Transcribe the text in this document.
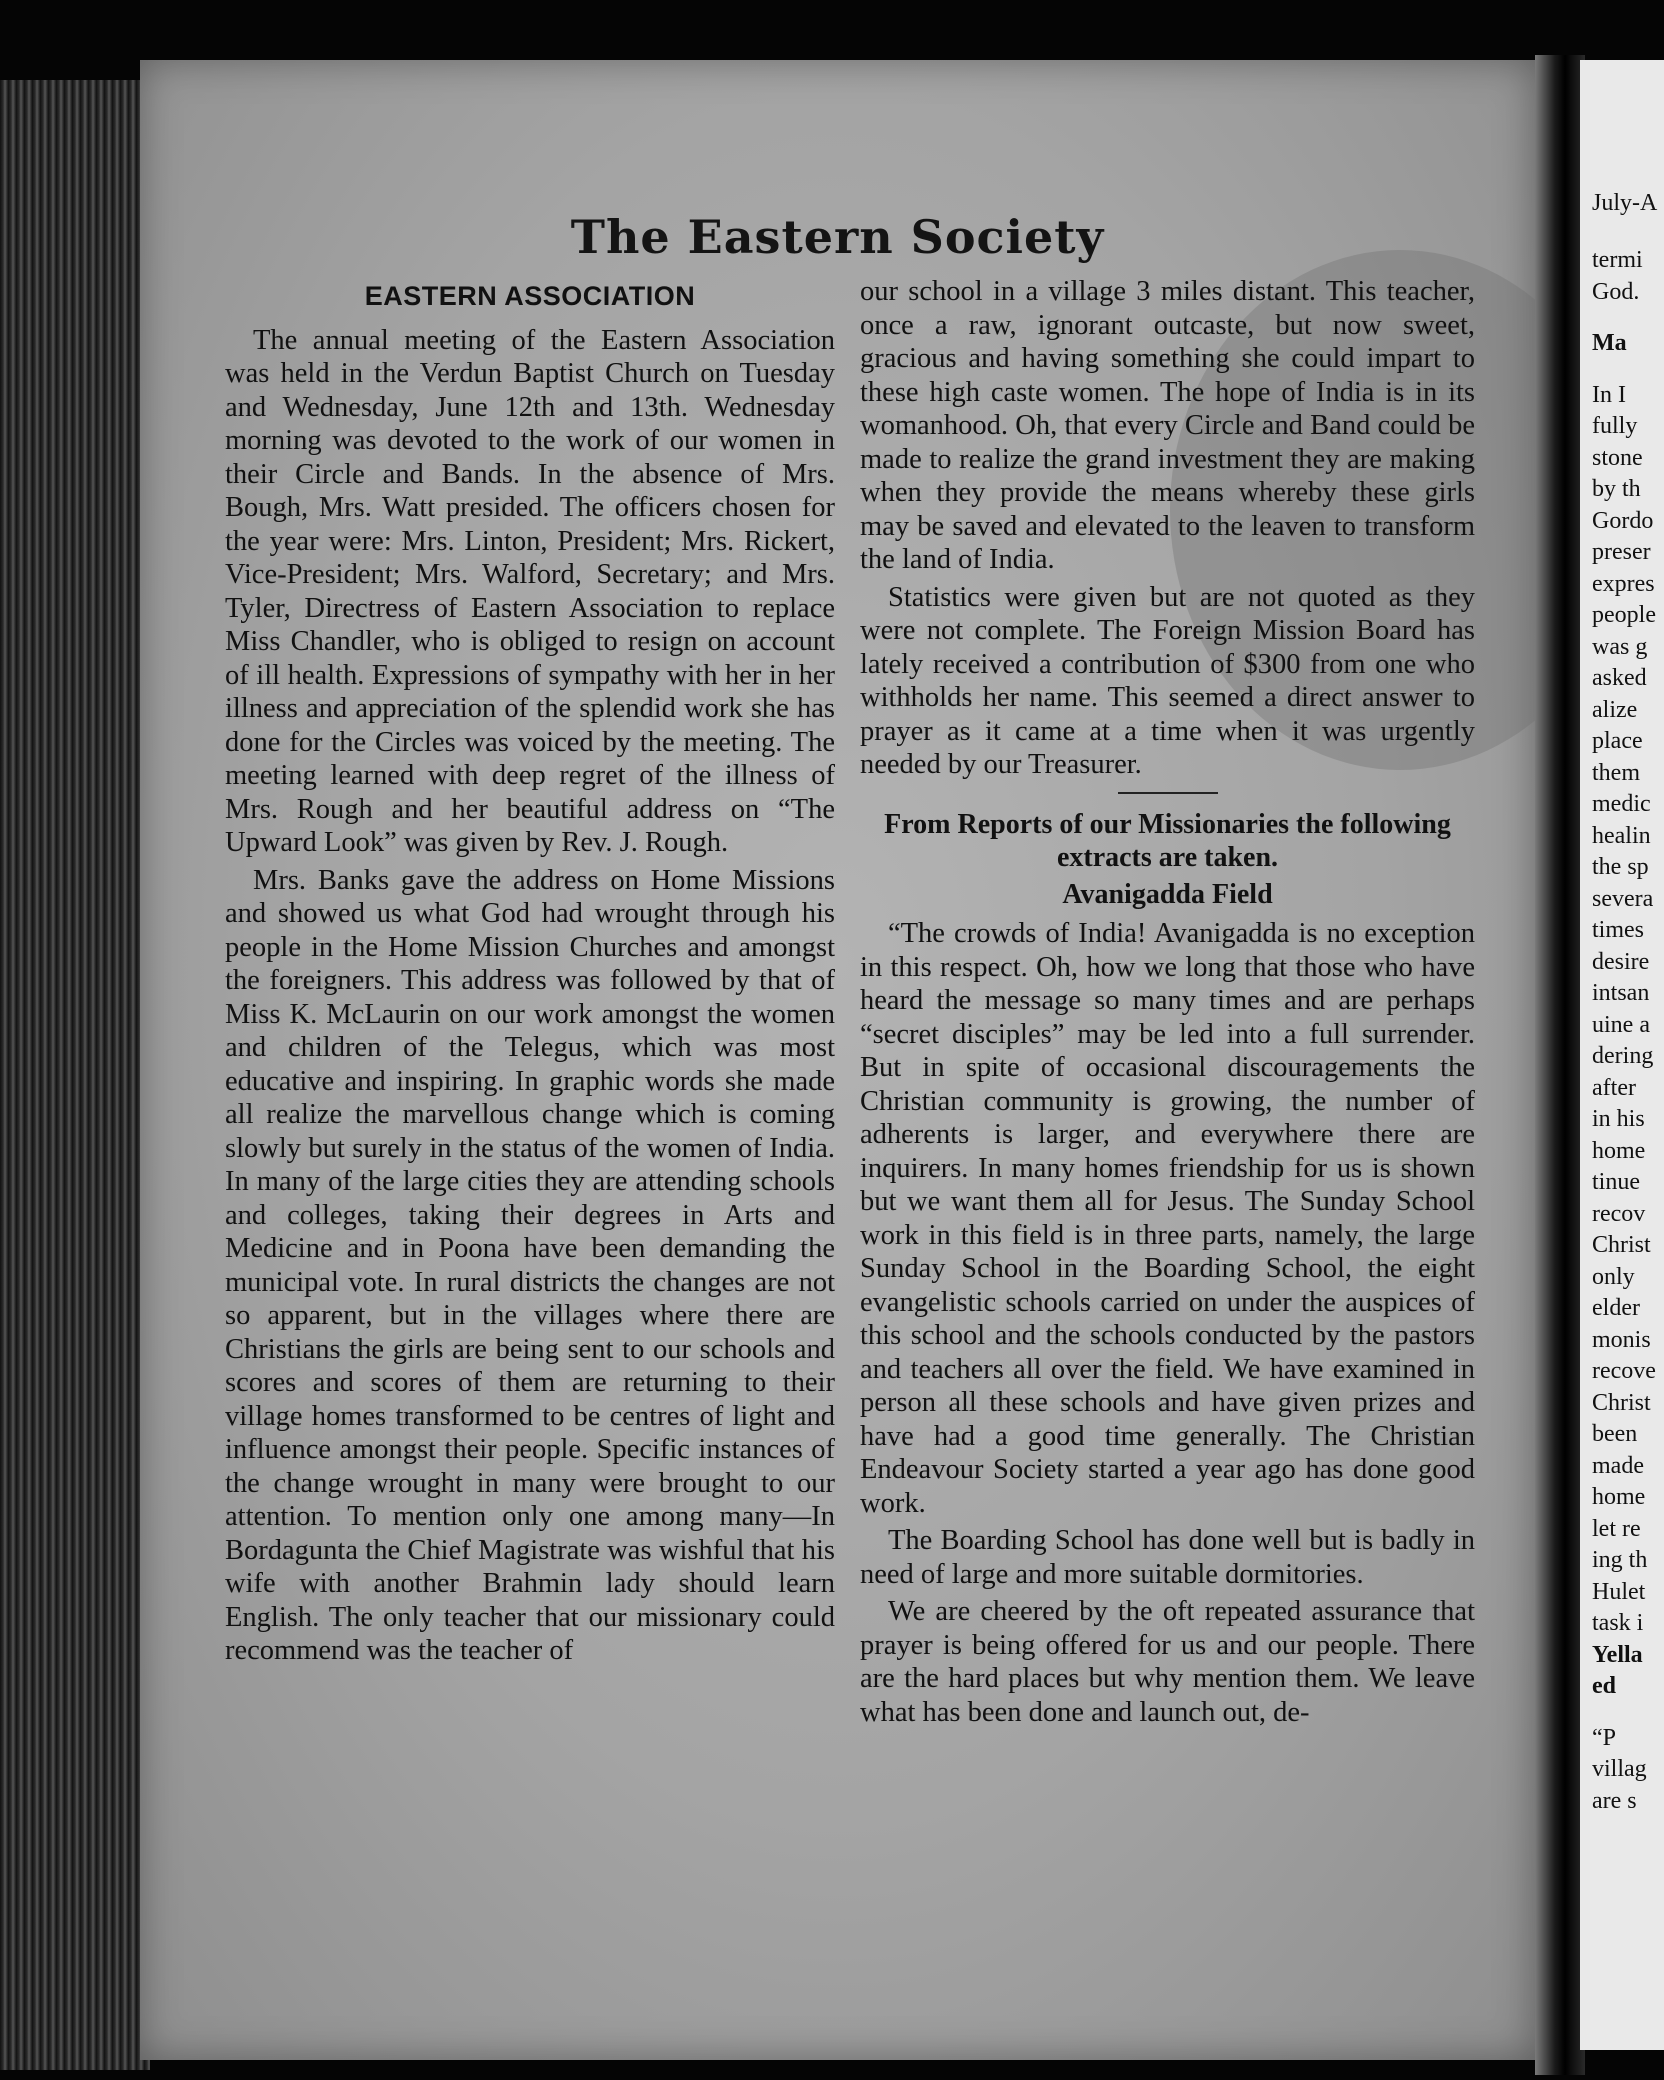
The Eastern Society
EASTERN ASSOCIATION

The annual meeting of the Eastern Association was held in the Verdun Baptist Church on Tuesday and Wednesday, June 12th and 13th. Wednesday morning was devoted to the work of our women in their Circle and Bands. In the absence of Mrs. Bough, Mrs. Watt presided. The officers chosen for the year were: Mrs. Linton, President; Mrs. Rickert, Vice-President; Mrs. Walford, Secretary; and Mrs. Tyler, Directress of Eastern Association to replace Miss Chandler, who is obliged to resign on account of ill health. Expressions of sympathy with her in her illness and appreciation of the splendid work she has done for the Circles was voiced by the meeting. The meeting learned with deep regret of the illness of Mrs. Rough and her beautiful address on “The Upward Look” was given by Rev. J. Rough.

Mrs. Banks gave the address on Home Missions and showed us what God had wrought through his people in the Home Mission Churches and amongst the foreigners. This address was followed by that of Miss K. McLaurin on our work amongst the women and children of the Telegus, which was most educative and inspiring. In graphic words she made all realize the marvellous change which is coming slowly but surely in the status of the women of India. In many of the large cities they are attending schools and colleges, taking their degrees in Arts and Medicine and in Poona have been demanding the municipal vote. In rural districts the changes are not so apparent, but in the villages where there are Christians the girls are being sent to our schools and scores and scores of them are returning to their village homes transformed to be centres of light and influence amongst their people. Specific instances of the change wrought in many were brought to our attention. To mention only one among many—In Bordagunta the Chief Magistrate was wishful that his wife with another Brahmin lady should learn English. The only teacher that our missionary could recommend was the teacher of

our school in a village 3 miles distant. This teacher, once a raw, ignorant outcaste, but now sweet, gracious and having something she could impart to these high caste women. The hope of India is in its womanhood. Oh, that every Circle and Band could be made to realize the grand investment they are making when they provide the means whereby these girls may be saved and elevated to the leaven to transform the land of India.

Statistics were given but are not quoted as they were not complete. The Foreign Mission Board has lately received a contribution of $300 from one who withholds her name. This seemed a direct answer to prayer as it came at a time when it was urgently needed by our Treasurer.

From Reports of our Missionaries the following extracts are taken.
Avanigadda Field

“The crowds of India! Avanigadda is no exception in this respect. Oh, how we long that those who have heard the message so many times and are perhaps “secret disciples” may be led into a full surrender. But in spite of occasional discouragements the Christian community is growing, the number of adherents is larger, and everywhere there are inquirers. In many homes friendship for us is shown but we want them all for Jesus. The Sunday School work in this field is in three parts, namely, the large Sunday School in the Boarding School, the eight evangelistic schools carried on under the auspices of this school and the schools conducted by the pastors and teachers all over the field. We have examined in person all these schools and have given prizes and have had a good time generally. The Christian Endeavour Society started a year ago has done good work.

The Boarding School has done well but is badly in need of large and more suitable dormitories.

We are cheered by the oft repeated assurance that prayer is being offered for us and our people. There are the hard places but why mention them. We leave what has been done and launch out, de-

July-A
termi
God.
Ma
In I
fully
stone
by th
Gordo
preser
expres
people
was g
asked
alize
place
them
medic
healin
the sp
severa
times
desire
intsan
uine a
dering
after
in his
home
tinue
recov
Christ
only
elder
monis
recove
Christ
been
made
home
let re
ing th
Hulet
task i
Yella
ed
“P
villag
are s
